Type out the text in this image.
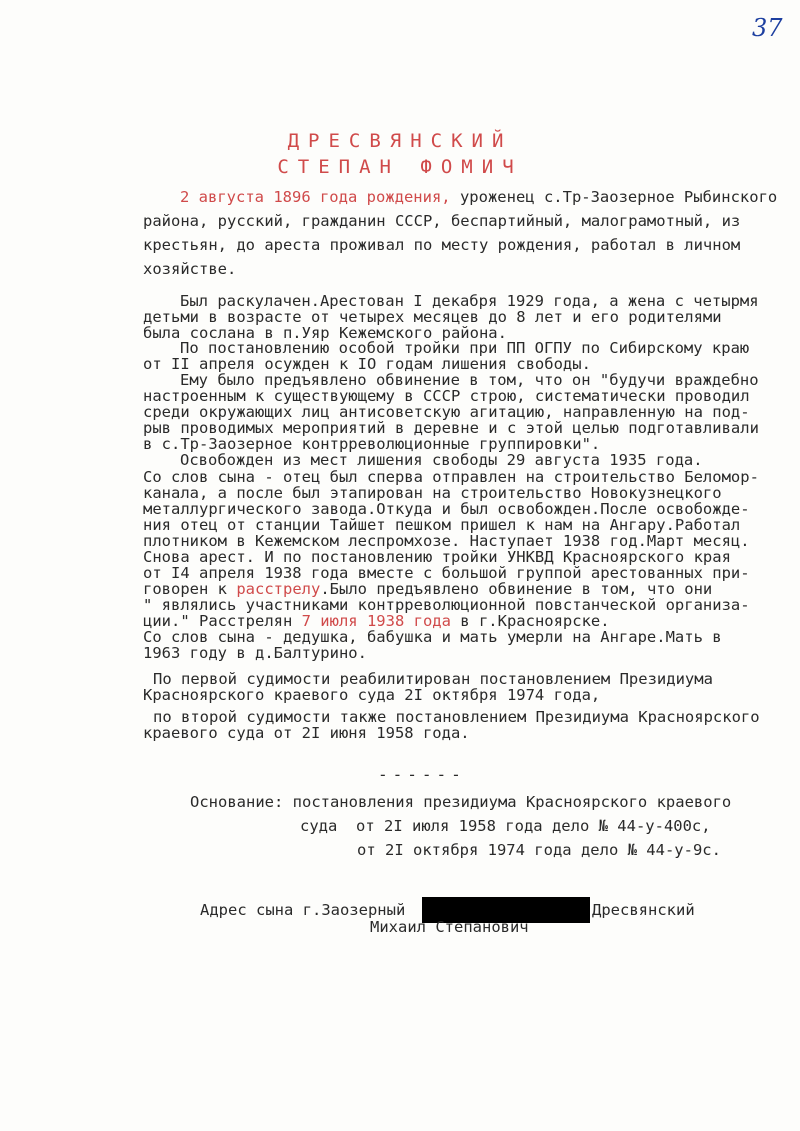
37
ДРЕСВЯНСКИЙ
СТЕПАН ФОМИЧ
2 августа 1896 года рождения, уроженец с.Тр-Заозерное Рыбинского
района, русский, гражданин СССР, беспартийный, малограмотный, из
крестьян, до ареста проживал по месту рождения, работал в личном
хозяйстве.
Был раскулачен.Арестован I декабря 1929 года, а жена с четырмя
детьми в возрасте от четырех месяцев до 8 лет и его родителями
была сослана в п.Уяр Кежемского района.
По постановлению особой тройки при ПП ОГПУ по Сибирскому краю
от II апреля осужден к IO годам лишения свободы.
Ему было предъявлено обвинение в том, что он "будучи враждебно
настроенным к существующему в СССР строю, систематически проводил
среди окружающих лиц антисоветскую агитацию, направленную на под-
рыв проводимых мероприятий в деревне и с этой целью подготавливали
в с.Тр-Заозерное контрреволюционные группировки".
Освобожден из мест лишения свободы 29 августа 1935 года.
Со слов сына - отец был сперва отправлен на строительство Беломор-
канала, а после был этапирован на строительство Новокузнецкого
металлургического завода.Откуда и был освобожден.После освобожде-
ния отец от станции Тайшет пешком пришел к нам на Ангару.Работал
плотником в Кежемском леспромхозе. Наступает 1938 год.Март месяц.
Снова арест. И по постановлению тройки УНКВД Красноярского края
от I4 апреля 1938 года вместе с большой группой арестованных при-
говорен к расстрелу.Было предъявлено обвинение в том, что они
" являлись участниками контрреволюционной повстанческой организа-
ции." Расстрелян 7 июля 1938 года в г.Красноярске.
Со слов сына - дедушка, бабушка и мать умерли на Ангаре.Мать в
1963 году в д.Балтурино.
По первой судимости реабилитирован постановлением Президиума
Красноярского краевого суда 2I октября 1974 года,
по второй судимости также постановлением Президиума Красноярского
краевого суда от 2I июня 1958 года.
------
Основание: постановления президиума Красноярского краевого
суда  от 2I июля 1958 года дело № 44-у-400с,
от 2I октября 1974 года дело № 44-у-9с.
Адрес сына г.Заозерный	Дресвянский
Михаил Степанович
